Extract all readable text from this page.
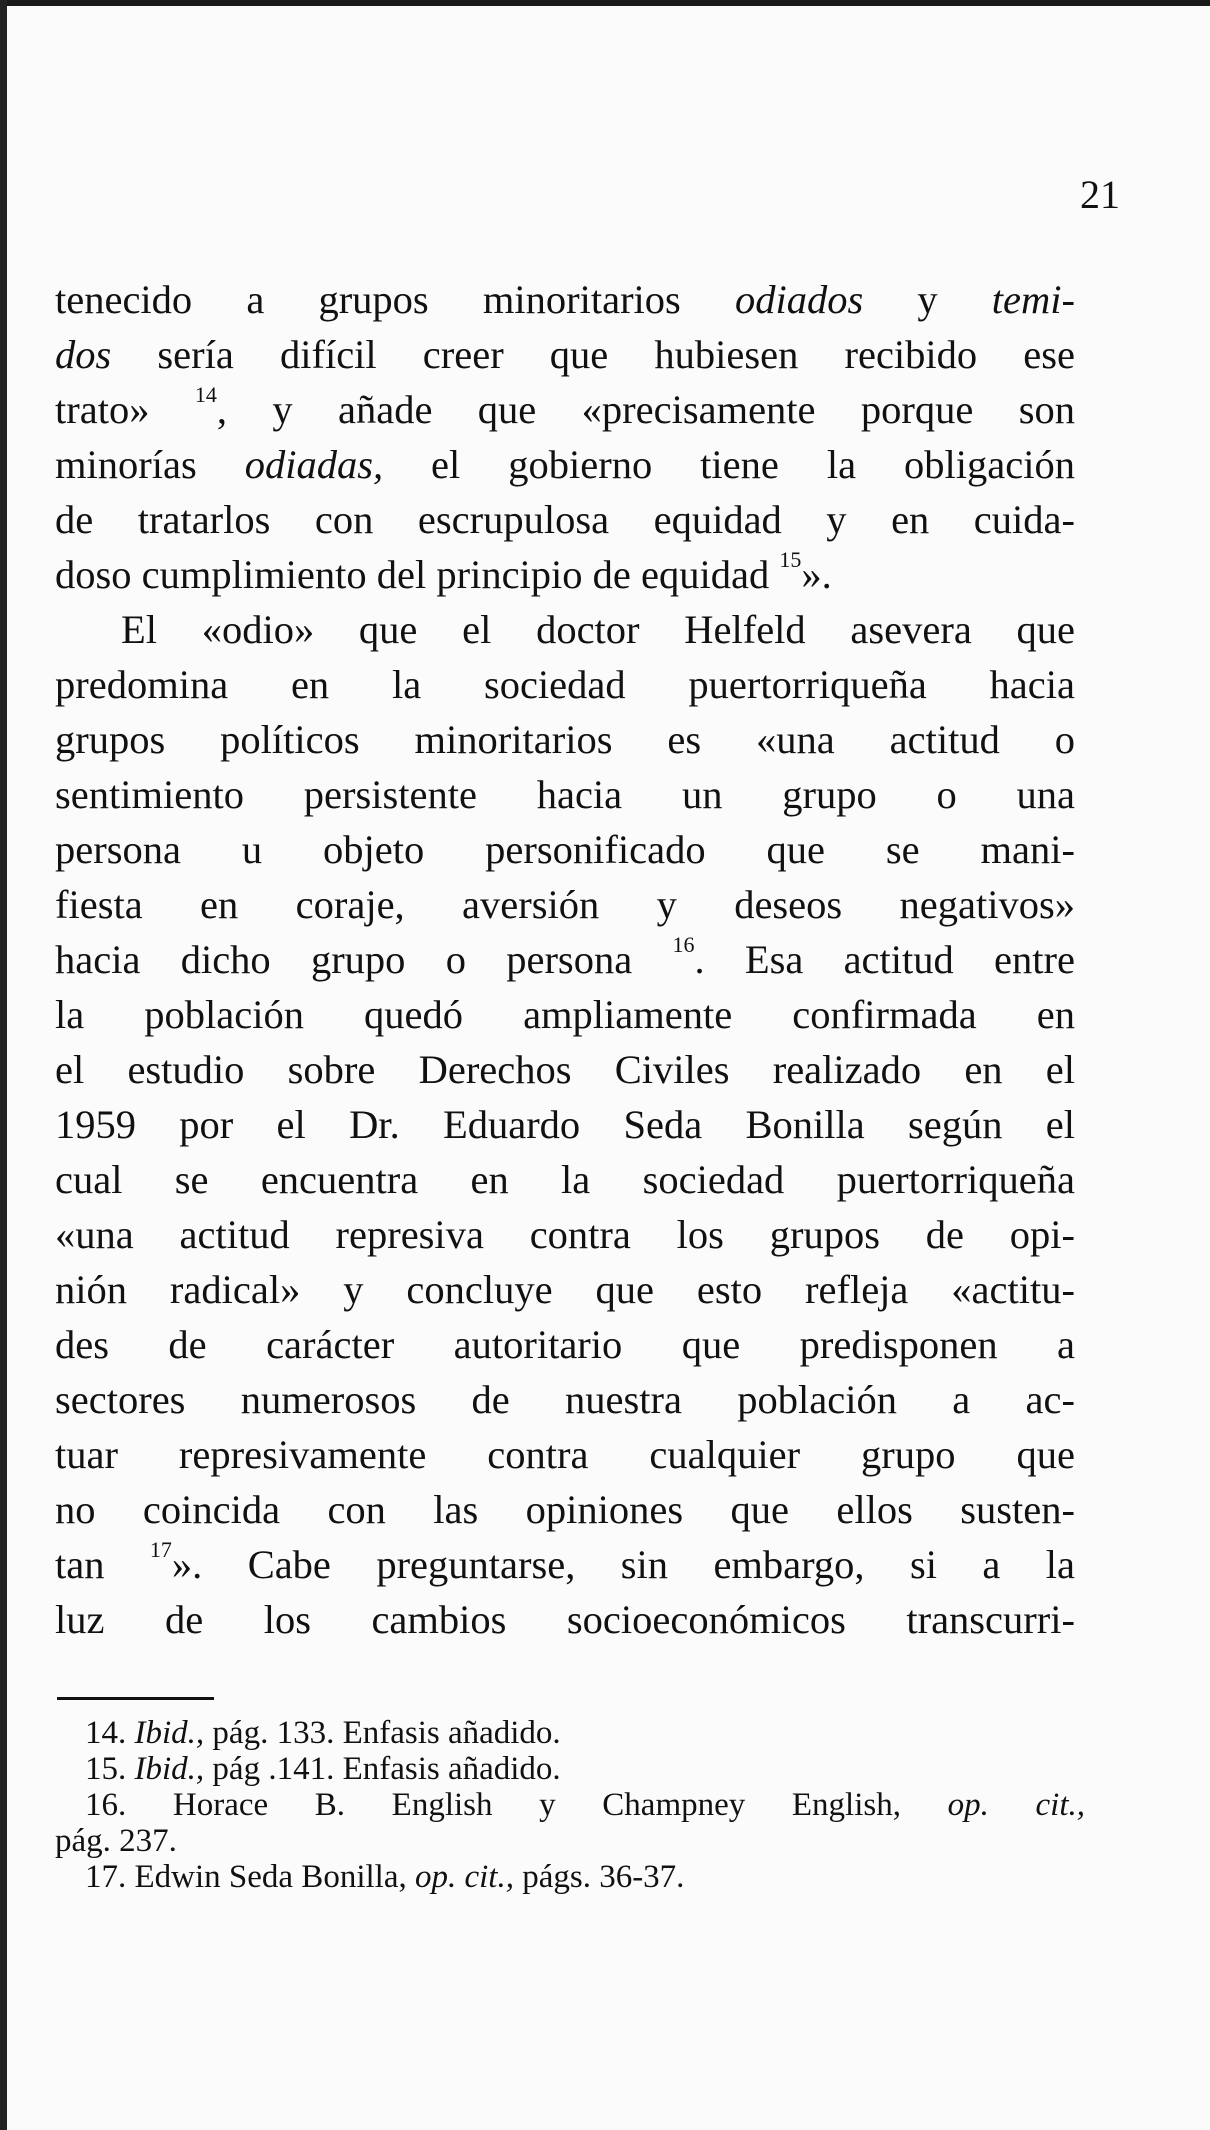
21
tenecido a grupos minoritarios odiados y temi-
dos sería difícil creer que hubiesen recibido ese
trato» $^{14}$, y añade que «precisamente porque son
minorías odiadas, el gobierno tiene la obligación
de tratarlos con escrupulosa equidad y en cuida-
doso cumplimiento del principio de equidad $^{15}$».
El «odio» que el doctor Helfeld asevera que
predomina en la sociedad puertorriqueña hacia
grupos políticos minoritarios es «una actitud o
sentimiento persistente hacia un grupo o una
persona u objeto personificado que se mani-
fiesta en coraje, aversión y deseos negativos»
hacia dicho grupo o persona $^{16}$. Esa actitud entre
la población quedó ampliamente confirmada en
el estudio sobre Derechos Civiles realizado en el
1959 por el Dr. Eduardo Seda Bonilla según el
cual se encuentra en la sociedad puertorriqueña
«una actitud represiva contra los grupos de opi-
nión radical» y concluye que esto refleja «actitu-
des de carácter autoritario que predisponen a
sectores numerosos de nuestra población a ac-
tuar represivamente contra cualquier grupo que
no coincida con las opiniones que ellos susten-
tan $^{17}$». Cabe preguntarse, sin embargo, si a la
luz de los cambios socioeconómicos transcurri-
14. Ibid., pág. 133. Enfasis añadido.
15. Ibid., pág .141. Enfasis añadido.
16. Horace B. English y Champney English, op. cit.,
pág. 237.
17. Edwin Seda Bonilla, op. cit., págs. 36-37.
